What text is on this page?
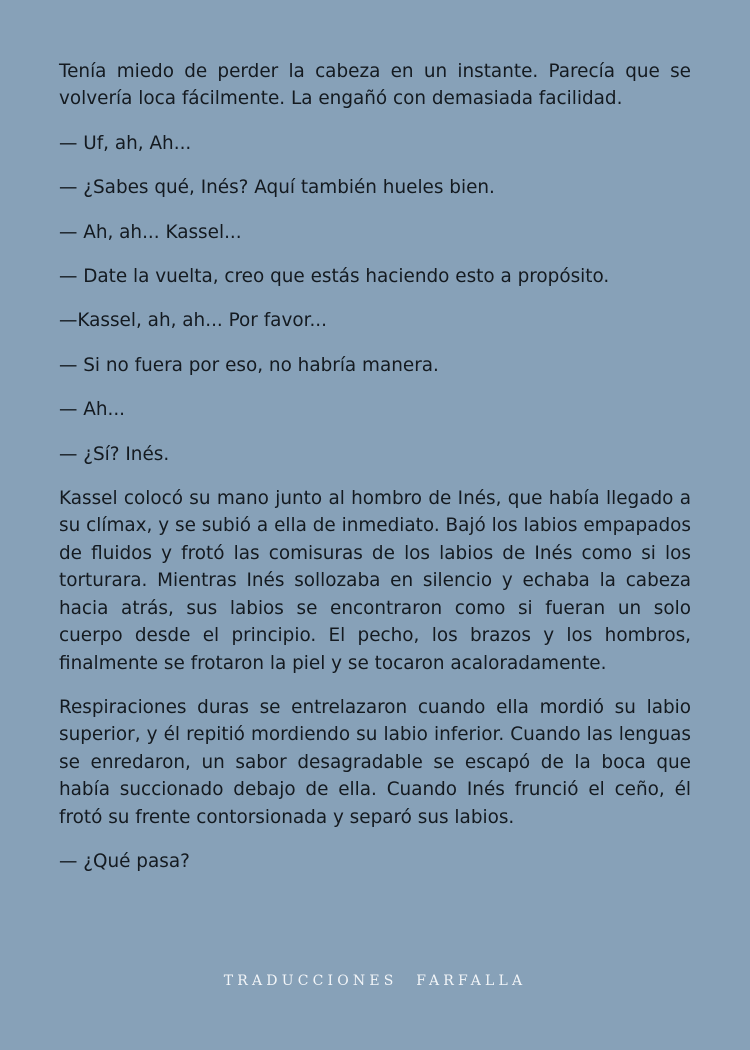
Tenía miedo de perder la cabeza en un instante. Parecía que se volvería loca fácilmente. La engañó con demasiada facilidad.

— Uf, ah, Ah...

— ¿Sabes qué, Inés? Aquí también hueles bien.

— Ah, ah... Kassel...

— Date la vuelta, creo que estás haciendo esto a propósito.

—Kassel, ah, ah... Por favor...

— Si no fuera por eso, no habría manera.

— Ah...

— ¿Sí? Inés.

Kassel colocó su mano junto al hombro de Inés, que había llegado a su clímax, y se subió a ella de inmediato. Bajó los labios empapados de fluidos y frotó las comisuras de los labios de Inés como si los torturara. Mientras Inés sollozaba en silencio y echaba la cabeza hacia atrás, sus labios se encontraron como si fueran un solo cuerpo desde el principio. El pecho, los brazos y los hombros, finalmente se frotaron la piel y se tocaron acaloradamente.

Respiraciones duras se entrelazaron cuando ella mordió su labio superior, y él repitió mordiendo su labio inferior. Cuando las lenguas se enredaron, un sabor desagradable se escapó de la boca que había succionado debajo de ella. Cuando Inés frunció el ceño, él frotó su frente contorsionada y separó sus labios.

— ¿Qué pasa?

TRADUCCIONES FARFALLA
